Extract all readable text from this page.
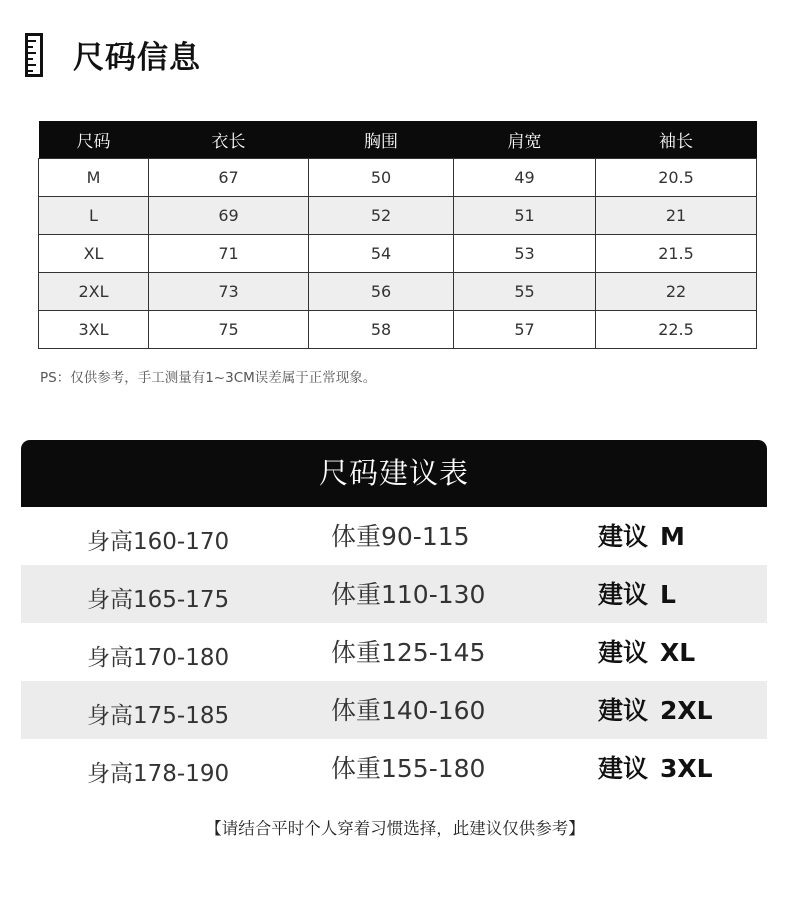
尺码信息
尺码	衣长	胸围	肩宽	袖长
M	67	50	49	20.5
L	69	52	51	21
XL	71	54	53	21.5
2XL	73	56	55	22
3XL	75	58	57	22.5
PS：仅供参考，手工测量有1~3CM误差属于正常现象。
尺码建议表
身高160-170	体重90-115	建议 M
身高165-175	体重110-130	建议 L
身高170-180	体重125-145	建议 XL
身高175-185	体重140-160	建议 2XL
身高178-190	体重155-180	建议 3XL
【请结合平时个人穿着习惯选择，此建议仅供参考】
